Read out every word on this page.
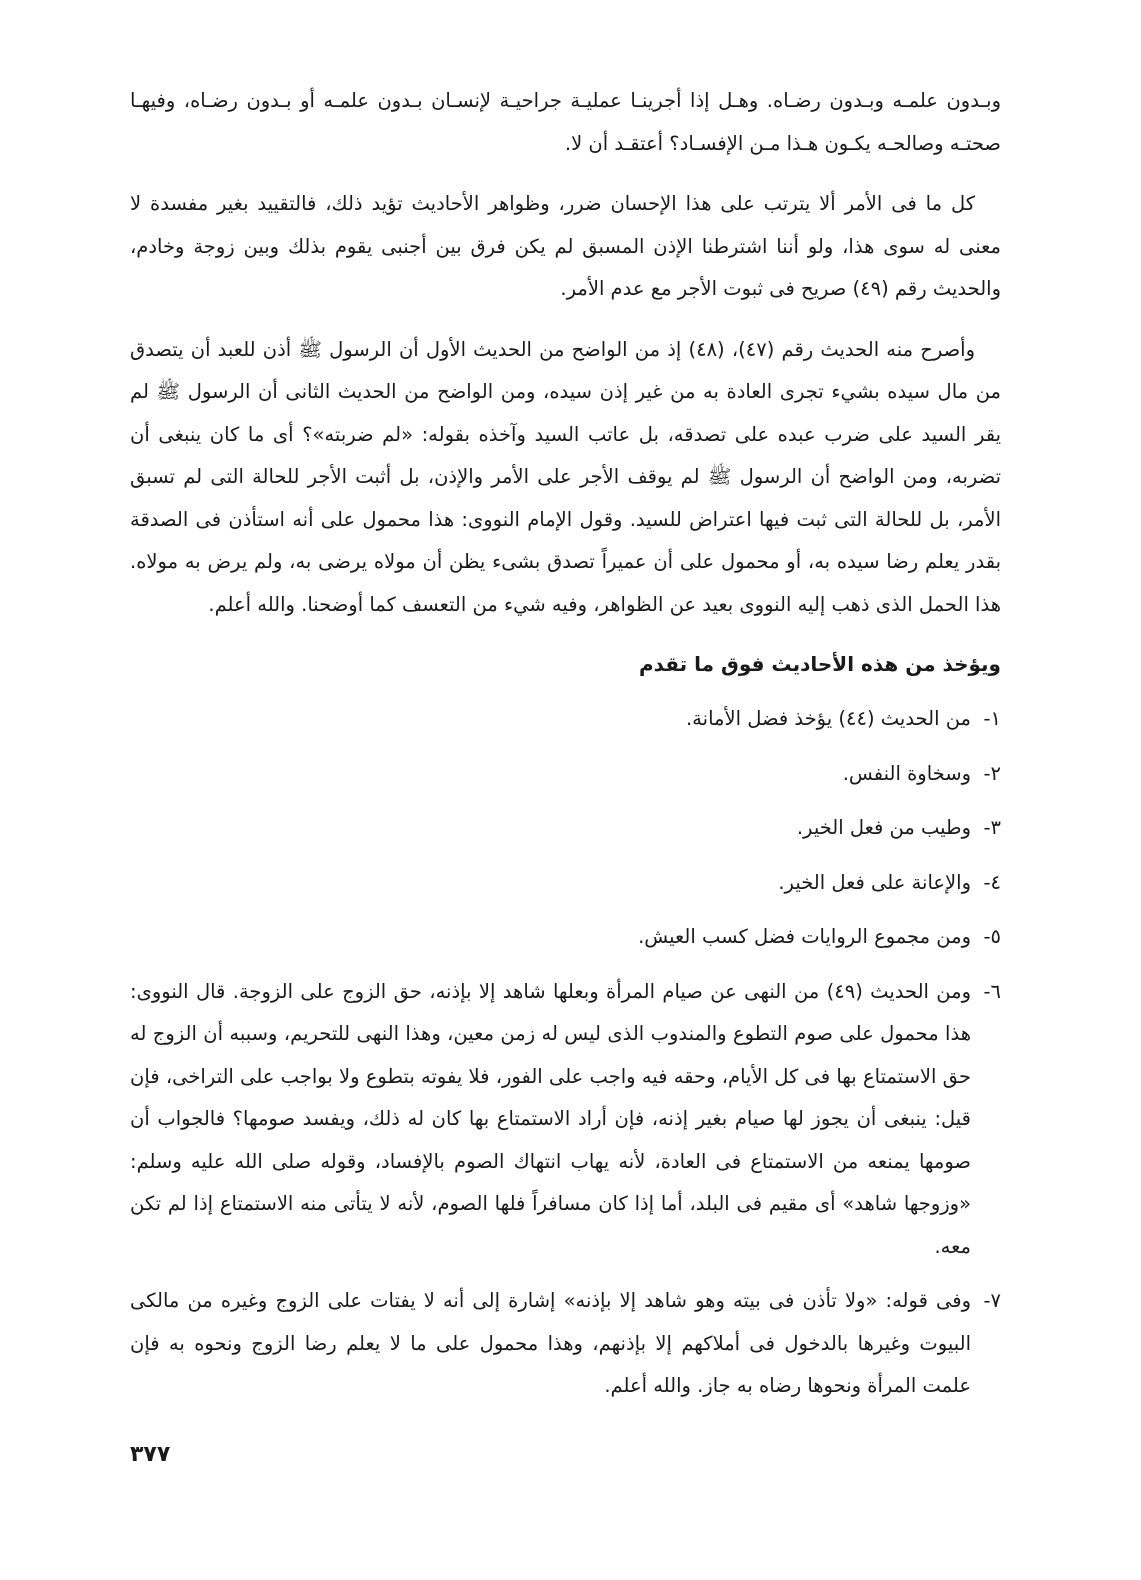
وبـدون علمـه وبـدون رضـاه. وهـل إذا أجرينـا عمليـة جراحيـة لإنسـان بـدون علمـه أو بـدون رضـاه، وفيهـا صحتـه وصالحـه يكـون هـذا مـن الإفسـاد؟ أعتقـد أن لا.

كل ما فى الأمر ألا يترتب على هذا الإحسان ضرر، وظواهر الأحاديث تؤيد ذلك، فالتقييد بغير مفسدة لا معنى له سوى هذا، ولو أننا اشترطنا الإذن المسبق لم يكن فرق بين أجنبى يقوم بذلك وبين زوجة وخادم، والحديث رقم (٤٩) صريح فى ثبوت الأجر مع عدم الأمر.

وأصرح منه الحديث رقم (٤٧)، (٤٨) إذ من الواضح من الحديث الأول أن الرسول ﷺ أذن للعبد أن يتصدق من مال سيده بشيء تجرى العادة به من غير إذن سيده، ومن الواضح من الحديث الثانى أن الرسول ﷺ لم يقر السيد على ضرب عبده على تصدقه، بل عاتب السيد وآخذه بقوله: «لم ضربته»؟ أى ما كان ينبغى أن تضربه، ومن الواضح أن الرسول ﷺ لم يوقف الأجر على الأمر والإذن، بل أثبت الأجر للحالة التى لم تسبق الأمر، بل للحالة التى ثبت فيها اعتراض للسيد. وقول الإمام النووى: هذا محمول على أنه استأذن فى الصدقة بقدر يعلم رضا سيده به، أو محمول على أن عميراً تصدق بشىء يظن أن مولاه يرضى به، ولم يرض به مولاه. هذا الحمل الذى ذهب إليه النووى بعيد عن الظواهر، وفيه شيء من التعسف كما أوضحنا. والله أعلم.

ويؤخذ من هذه الأحاديث فوق ما تقدم
١-
من الحديث (٤٤) يؤخذ فضل الأمانة.
٢-
وسخاوة النفس.
٣-
وطيب من فعل الخير.
٤-
والإعانة على فعل الخير.
٥-
ومن مجموع الروايات فضل كسب العيش.
٦-
ومن الحديث (٤٩) من النهى عن صيام المرأة وبعلها شاهد إلا بإذنه، حق الزوج على الزوجة. قال النووى: هذا محمول على صوم التطوع والمندوب الذى ليس له زمن معين، وهذا النهى للتحريم، وسببه أن الزوج له حق الاستمتاع بها فى كل الأيام، وحقه فيه واجب على الفور، فلا يفوته بتطوع ولا بواجب على التراخى، فإن قيل: ينبغى أن يجوز لها صيام بغير إذنه، فإن أراد الاستمتاع بها كان له ذلك، ويفسد صومها؟ فالجواب أن صومها يمنعه من الاستمتاع فى العادة، لأنه يهاب انتهاك الصوم بالإفساد، وقوله صلى الله عليه وسلم: «وزوجها شاهد» أى مقيم فى البلد، أما إذا كان مسافراً فلها الصوم، لأنه لا يتأتى منه الاستمتاع إذا لم تكن معه.
٧-
وفى قوله: «ولا تأذن فى بيته وهو شاهد إلا بإذنه» إشارة إلى أنه لا يفتات على الزوج وغيره من مالكى البيوت وغيرها بالدخول فى أملاكهم إلا بإذنهم، وهذا محمول على ما لا يعلم رضا الزوج ونحوه به فإن علمت المرأة ونحوها رضاه به جاز. والله أعلم.
٣٧٧
